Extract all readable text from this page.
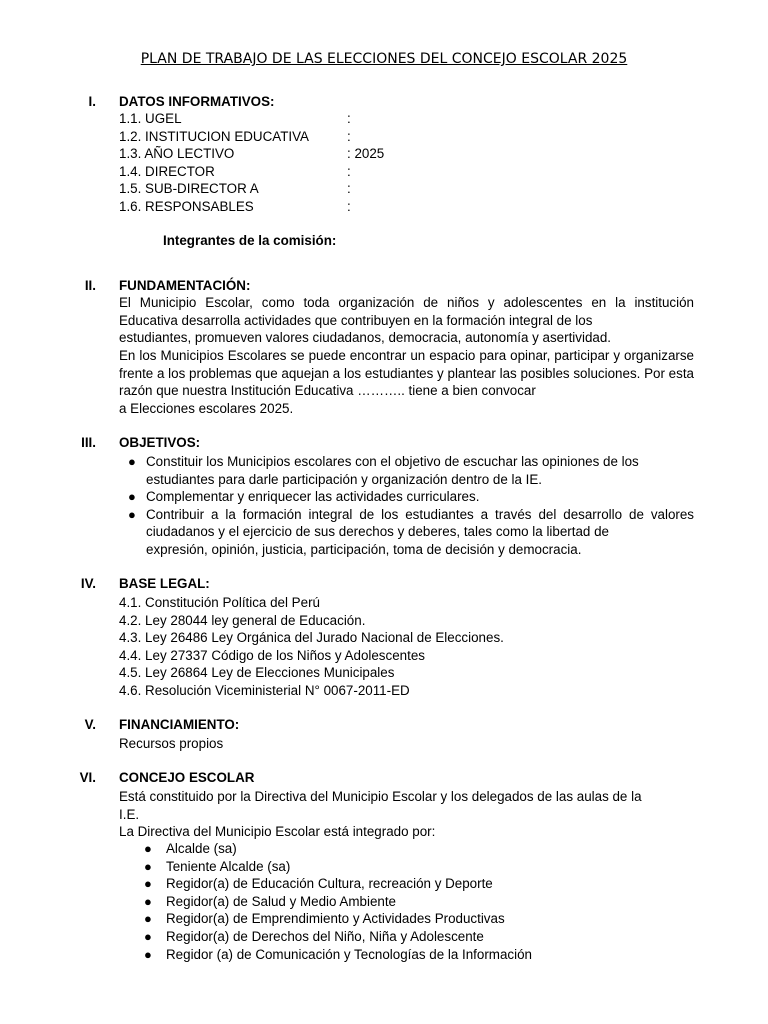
PLAN DE TRABAJO DE LAS ELECCIONES DEL CONCEJO ESCOLAR 2025
I. DATOS INFORMATIVOS:
1.1. UGEL	:
1.2. INSTITUCION EDUCATIVA	:
1.3. AÑO LECTIVO	: 2025
1.4. DIRECTOR	:
1.5. SUB-DIRECTOR A	:
1.6. RESPONSABLES	:
Integrantes de la comisión:
II. FUNDAMENTACIÓN:

El Municipio Escolar, como toda organización de niños y adolescentes en la institución Educativa desarrolla actividades que contribuyen en la formación integral de los
estudiantes, promueven valores ciudadanos, democracia, autonomía y asertividad.

En los Municipios Escolares se puede encontrar un espacio para opinar, participar y organizarse frente a los problemas que aquejan a los estudiantes y plantear las posibles soluciones. Por esta razón que nuestra Institución Educativa ……….. tiene a bien convocar
a Elecciones escolares 2025.

III. OBJETIVOS:
● Constituir los Municipios escolares con el objetivo de escuchar las opiniones de los
estudiantes para darle participación y organización dentro de la IE.
● Complementar y enriquecer las actividades curriculares.
● Contribuir a la formación integral de los estudiantes a través del desarrollo de valores ciudadanos y el ejercicio de sus derechos y deberes, tales como la libertad de
expresión, opinión, justicia, participación, toma de decisión y democracia.
IV. BASE LEGAL:
4.1. Constitución Política del Perú
4.2. Ley 28044 ley general de Educación.
4.3. Ley 26486 Ley Orgánica del Jurado Nacional de Elecciones.
4.4. Ley 27337 Código de los Niños y Adolescentes
4.5. Ley 26864 Ley de Elecciones Municipales
4.6. Resolución Viceministerial N° 0067-2011-ED
V. FINANCIAMIENTO:
Recursos propios
VI. CONCEJO ESCOLAR

Está constituido por la Directiva del Municipio Escolar y los delegados de las aulas de la
I.E.

La Directiva del Municipio Escolar está integrado por:
● Alcalde (sa)
● Teniente Alcalde (sa)
● Regidor(a) de Educación Cultura, recreación y Deporte
● Regidor(a) de Salud y Medio Ambiente
● Regidor(a) de Emprendimiento y Actividades Productivas
● Regidor(a) de Derechos del Niño, Niña y Adolescente
● Regidor (a) de Comunicación y Tecnologías de la Información
